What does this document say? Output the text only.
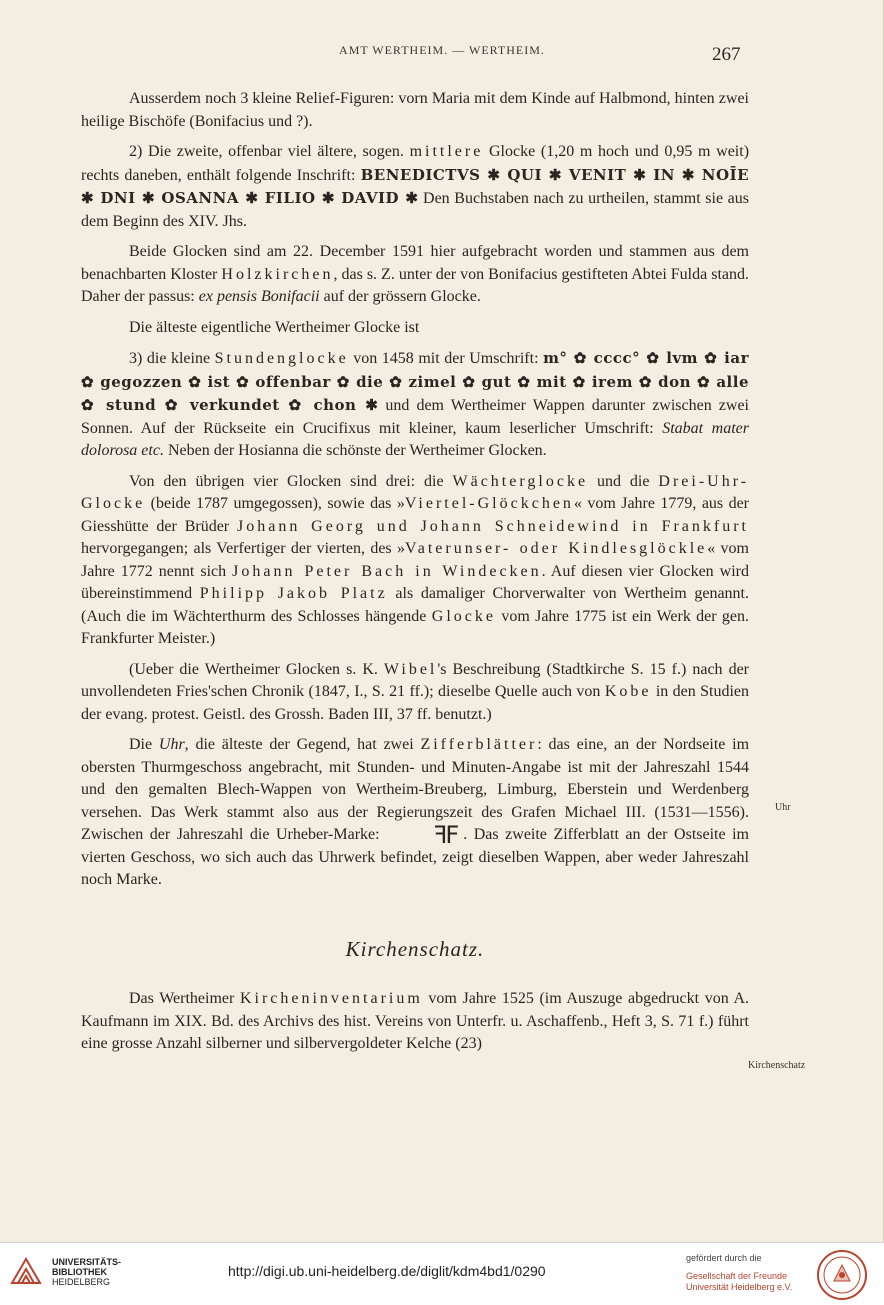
AMT WERTHEIM. — WERTHEIM.	267

Ausserdem noch 3 kleine Relief-Figuren: vorn Maria mit dem Kinde auf Halbmond, hinten zwei heilige Bischöfe (Bonifacius und ?).

2) Die zweite, offenbar viel ältere, sogen. mittlere Glocke (1,20 m hoch und 0,95 m weit) rechts daneben, enthält folgende Inschrift: BENEDICTVS ✱ QUI ✱ VENIT ✱ IN ✱ NOĪE ✱ DNI ✱ OSANNA ✱ FILIO ✱ DAVID ✱ Den Buchstaben nach zu urtheilen, stammt sie aus dem Beginn des XIV. Jhs.

Beide Glocken sind am 22. December 1591 hier aufgebracht worden und stammen aus dem benachbarten Kloster Holzkirchen, das s. Z. unter der von Bonifacius gestifteten Abtei Fulda stand. Daher der passus: ex pensis Bonifacii auf der grössern Glocke.

Die älteste eigentliche Wertheimer Glocke ist

3) die kleine Stundenglocke von 1458 mit der Umschrift: m° ✿ cccc° ✿ lvm ✿ iar ✿ gegozzen ✿ ist ✿ offenbar ✿ die ✿ zimel ✿ gut ✿ mit ✿ irem ✿ don ✿ alle ✿ stund ✿ verkundet ✿ chon ✱ und dem Wertheimer Wappen darunter zwischen zwei Sonnen. Auf der Rückseite ein Crucifixus mit kleiner, kaum leserlicher Umschrift: Stabat mater dolorosa etc. Neben der Hosianna die schönste der Wertheimer Glocken.

Von den übrigen vier Glocken sind drei: die Wächterglocke und die Drei-Uhr-Glocke (beide 1787 umgegossen), sowie das »Viertel-Glöckchen« vom Jahre 1779, aus der Giesshütte der Brüder Johann Georg und Johann Schneidewind in Frankfurt hervorgegangen; als Verfertiger der vierten, des »Vaterunser- oder Kindlesglöckle« vom Jahre 1772 nennt sich Johann Peter Bach in Windecken. Auf diesen vier Glocken wird übereinstimmend Philipp Jakob Platz als damaliger Chorverwalter von Wertheim genannt. (Auch die im Wächterthurm des Schlosses hängende Glocke vom Jahre 1775 ist ein Werk der gen. Frankfurter Meister.)

(Ueber die Wertheimer Glocken s. K. Wibel's Beschreibung (Stadtkirche S. 15 f.) nach der unvollendeten Fries'schen Chronik (1847, I., S. 21 ff.); dieselbe Quelle auch von Kobe in den Studien der evang. protest. Geistl. des Grossh. Baden III, 37 ff. benutzt.)

Die Uhr, die älteste der Gegend, hat zwei Zifferblätter: das eine, an der Nordseite im obersten Thurmgeschoss angebracht, mit Stunden- und Minuten-Angabe ist mit der Jahreszahl 1544 und den gemalten Blech-Wappen von Wertheim-Breuberg, Limburg, Eberstein und Werdenberg versehen. Das Werk stammt also aus der Regierungszeit des Grafen Michael III. (1531—1556). Zwischen der Jahreszahl die Urheber-Marke: ꟻF . Das zweite Zifferblatt an der Ostseite im vierten Geschoss, wo sich auch das Uhrwerk befindet, zeigt dieselben Wappen, aber weder Jahreszahl noch Marke.

Kirchenschatz.

Das Wertheimer Kircheninventarium vom Jahre 1525 (im Auszuge abgedruckt von A. Kaufmann im XIX. Bd. des Archivs des hist. Vereins von Unterfr. u. Aschaffenb., Heft 3, S. 71 f.) führt eine grosse Anzahl silberner und silbervergoldeter Kelche (23)

Uhr
Kirchenschatz
UNIVERSITÄTS-
BIBLIOTHEK
HEIDELBERG
http://digi.ub.uni-heidelberg.de/diglit/kdm4bd1/0290
gefördert durch die
Gesellschaft der Freunde
Universität Heidelberg e.V.
